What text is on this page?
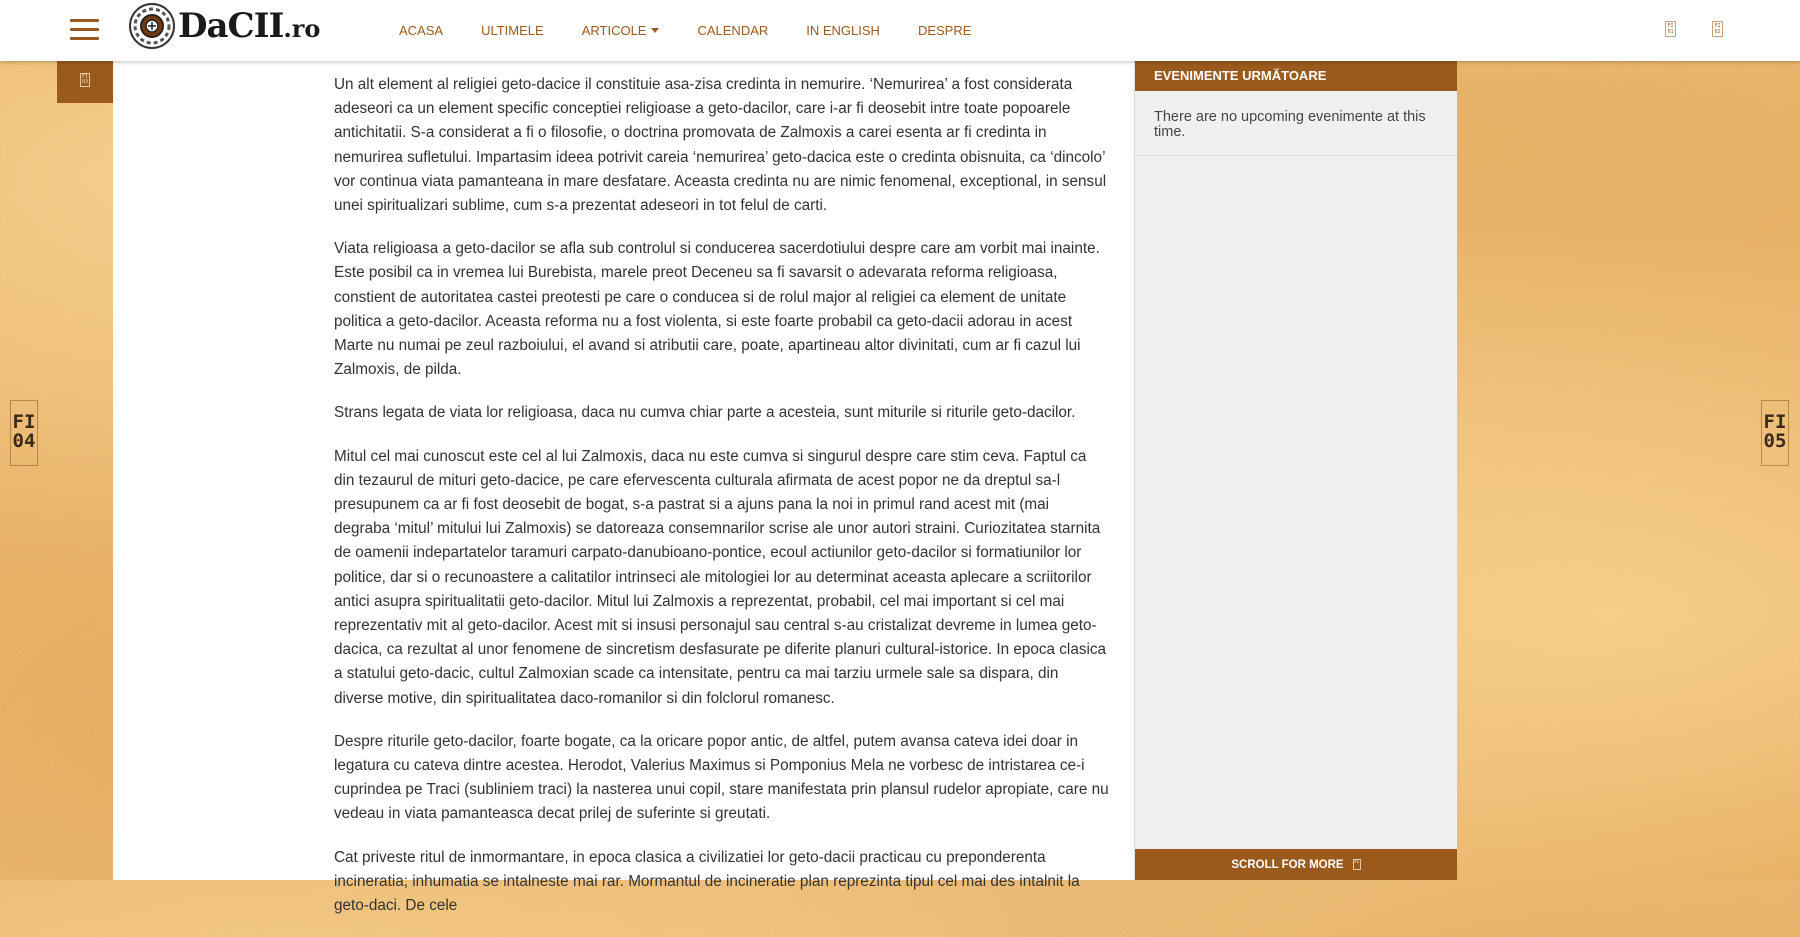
DaCII.ro	ACASA	ULTIMELE	ARTICOLE	CALENDAR	IN ENGLISH	DESPRE	FI 01
FI 02
FI 03	Un alt element al religiei geto-dacice il constituie asa-zisa credinta in nemurire. ‘Nemurirea’ a fost considerata adeseori ca un element specific conceptiei religioase a geto-dacilor, care i-ar fi deosebit intre toate popoarele antichitatii. S-a considerat a fi o filosofie, o doctrina promovata de Zalmoxis a carei esenta ar fi credinta in nemurirea sufletului. Impartasim ideea potrivit careia ‘nemurirea’ geto-dacica este o credinta obisnuita, ca ‘dincolo’ vor continua viata pamanteana in mare desfatare. Aceasta credinta nu are nimic fenomenal, exceptional, in sensul unei spiritualizari sublime, cum s-a prezentat adeseori in tot felul de carti.

Viata religioasa a geto-dacilor se afla sub controlul si conducerea sacerdotiului despre care am vorbit mai inainte. Este posibil ca in vremea lui Burebista, marele preot Deceneu sa fi savarsit o adevarata reforma religioasa, constient de autoritatea castei preotesti pe care o conducea si de rolul major al religiei ca element de unitate politica a geto-dacilor. Aceasta reforma nu a fost violenta, si este foarte probabil ca geto-dacii adorau in acest Marte nu numai pe zeul razboiului, el avand si atributii care, poate, apartineau altor divinitati, cum ar fi cazul lui Zalmoxis, de pilda.

Strans legata de viata lor religioasa, daca nu cumva chiar parte a acesteia, sunt miturile si riturile geto-dacilor.

Mitul cel mai cunoscut este cel al lui Zalmoxis, daca nu este cumva si singurul despre care stim ceva. Faptul ca din tezaurul de mituri geto-dacice, pe care efervescenta culturala afirmata de acest popor ne da dreptul sa-l presupunem ca ar fi fost deosebit de bogat, s-a pastrat si a ajuns pana la noi in primul rand acest mit (mai degraba ‘mitul’ mitului lui Zalmoxis) se datoreaza consemnarilor scrise ale unor autori straini. Curiozitatea starnita de oamenii indepartatelor taramuri carpato-danubioano-pontice, ecoul actiunilor geto-dacilor si formatiunilor lor politice, dar si o recunoastere a calitatilor intrinseci ale mitologiei lor au determinat aceasta aplecare a scriitorilor antici asupra spiritualitatii geto-dacilor. Mitul lui Zalmoxis a reprezentat, probabil, cel mai important si cel mai reprezentativ mit al geto-dacilor. Acest mit si insusi personajul sau central s-au cristalizat devreme in lumea geto-dacica, ca rezultat al unor fenomene de sincretism desfasurate pe diferite planuri cultural-istorice. In epoca clasica a statului geto-dacic, cultul Zalmoxian scade ca intensitate, pentru ca mai tarziu urmele sale sa dispara, din diverse motive, din spiritualitatea daco-romanilor si din folclorul romanesc.

Despre riturile geto-dacilor, foarte bogate, ca la oricare popor antic, de altfel, putem avansa cateva idei doar in legatura cu cateva dintre acestea. Herodot, Valerius Maximus si Pomponius Mela ne vorbesc de intristarea ce-i cuprindea pe Traci (subliniem traci) la nasterea unui copil, stare manifestata prin plansul rudelor apropiate, care nu vedeau in viata pamanteasca decat prilej de suferinte si greutati.

Cat priveste ritul de inmormantare, in epoca clasica a civilizatiei lor geto-dacii practicau cu preponderenta incineratia; inhumatia se intalneste mai rar. Mormantul de incineratie plan reprezinta tipul cel mai des intalnit la geto-daci. De cele

EVENIMENTE URMĂTOARE
There are no upcoming evenimente at this time.
SCROLL FOR MORE	FI
FI
04
FI
05
